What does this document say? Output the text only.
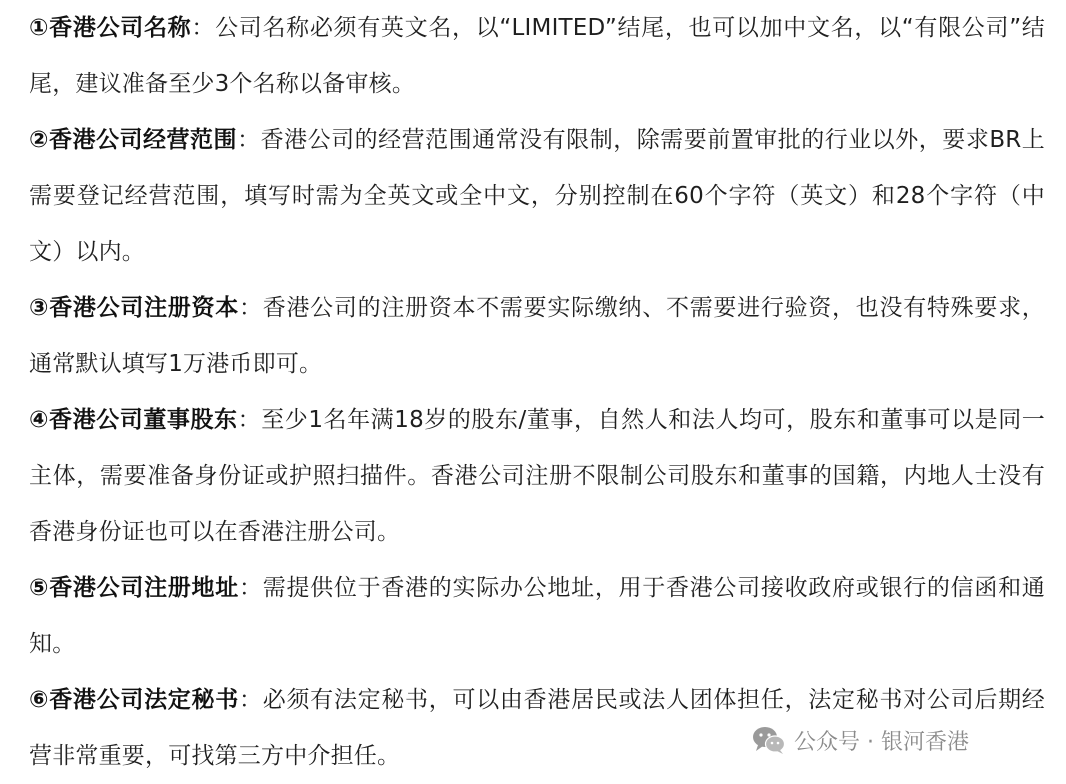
①香港公司名称：公司名称必须有英文名，以“LIMITED”结尾，也可以加中文名，以“有限公司”结尾，建议准备至少3个名称以备审核。

②香港公司经营范围：香港公司的经营范围通常没有限制，除需要前置审批的行业以外，要求BR上需要登记经营范围，填写时需为全英文或全中文，分别控制在60个字符（英文）和28个字符（中文）以内。

③香港公司注册资本：香港公司的注册资本不需要实际缴纳、不需要进行验资，也没有特殊要求，通常默认填写1万港币即可。

④香港公司董事股东：至少1名年满18岁的股东/董事，自然人和法人均可，股东和董事可以是同一主体，需要准备身份证或护照扫描件。香港公司注册不限制公司股东和董事的国籍，内地人士没有香港身份证也可以在香港注册公司。

⑤香港公司注册地址：需提供位于香港的实际办公地址，用于香港公司接收政府或银行的信函和通知。

⑥香港公司法定秘书：必须有法定秘书，可以由香港居民或法人团体担任，法定秘书对公司后期经营非常重要，可找第三方中介担任。

公众号 · 银河香港
